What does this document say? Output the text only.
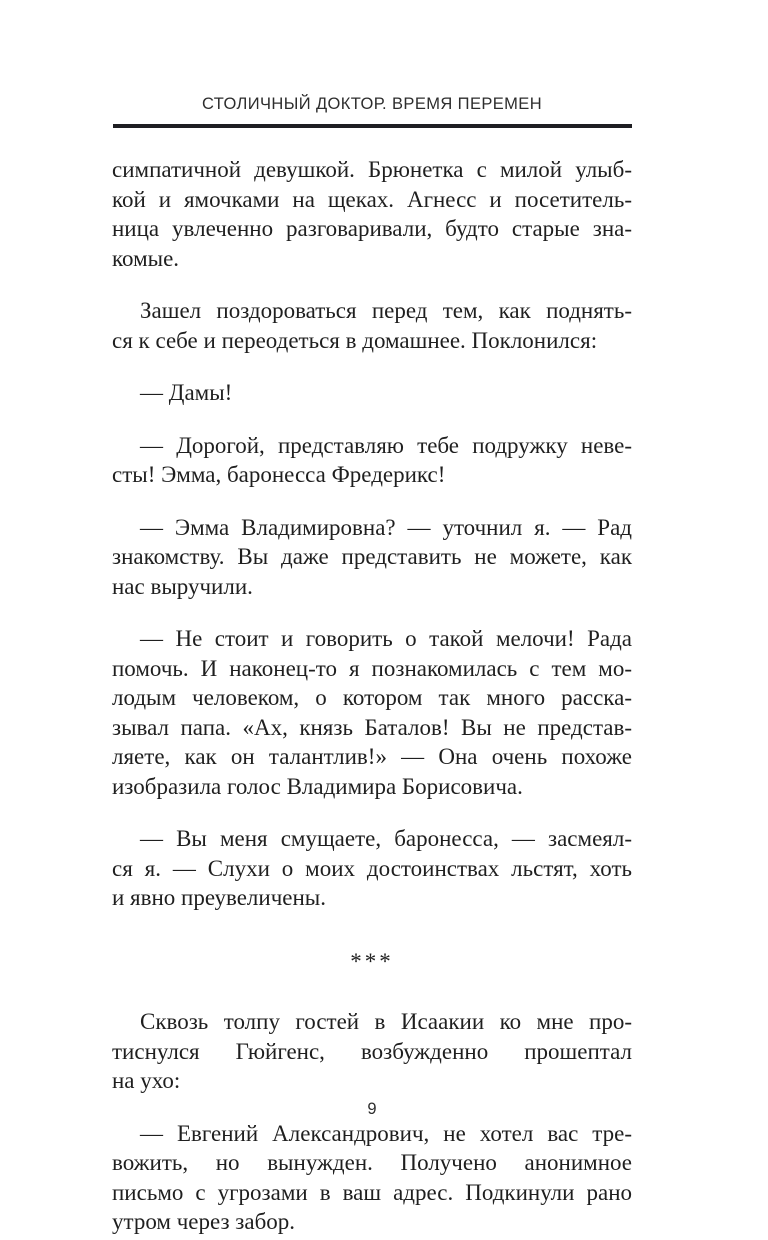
СТОЛИЧНЫЙ ДОКТОР. ВРЕМЯ ПЕРЕМЕН

симпатичной девушкой. Брюнетка с милой улыб-
кой и ямочками на щеках. Агнесс и посетитель-
ница увлеченно разговаривали, будто старые зна-
комые.

Зашел поздороваться перед тем, как поднять-
ся к себе и переодеться в домашнее. Поклонился:

— Дамы!

— Дорогой, представляю тебе подружку неве-
сты! Эмма, баронесса Фредерикс!

— Эмма Владимировна? — уточнил я. — Рад
знакомству. Вы даже представить не можете, как
нас выручили.

— Не стоит и говорить о такой мелочи! Рада
помочь. И наконец-то я познакомилась с тем мо-
лодым человеком, о котором так много расска-
зывал папа. «Ах, князь Баталов! Вы не представ-
ляете, как он талантлив!» — Она очень похоже
изобразила голос Владимира Борисовича.

— Вы меня смущаете, баронесса, — засмеял-
ся я. — Слухи о моих достоинствах льстят, хоть
и явно преувеличены.

***

Сквозь толпу гостей в Исаакии ко мне про-
тиснулся Гюйгенс, возбужденно прошептал
на ухо:

— Евгений Александрович, не хотел вас тре-
вожить, но вынужден. Получено анонимное
письмо с угрозами в ваш адрес. Подкинули рано
утром через забор.

9
